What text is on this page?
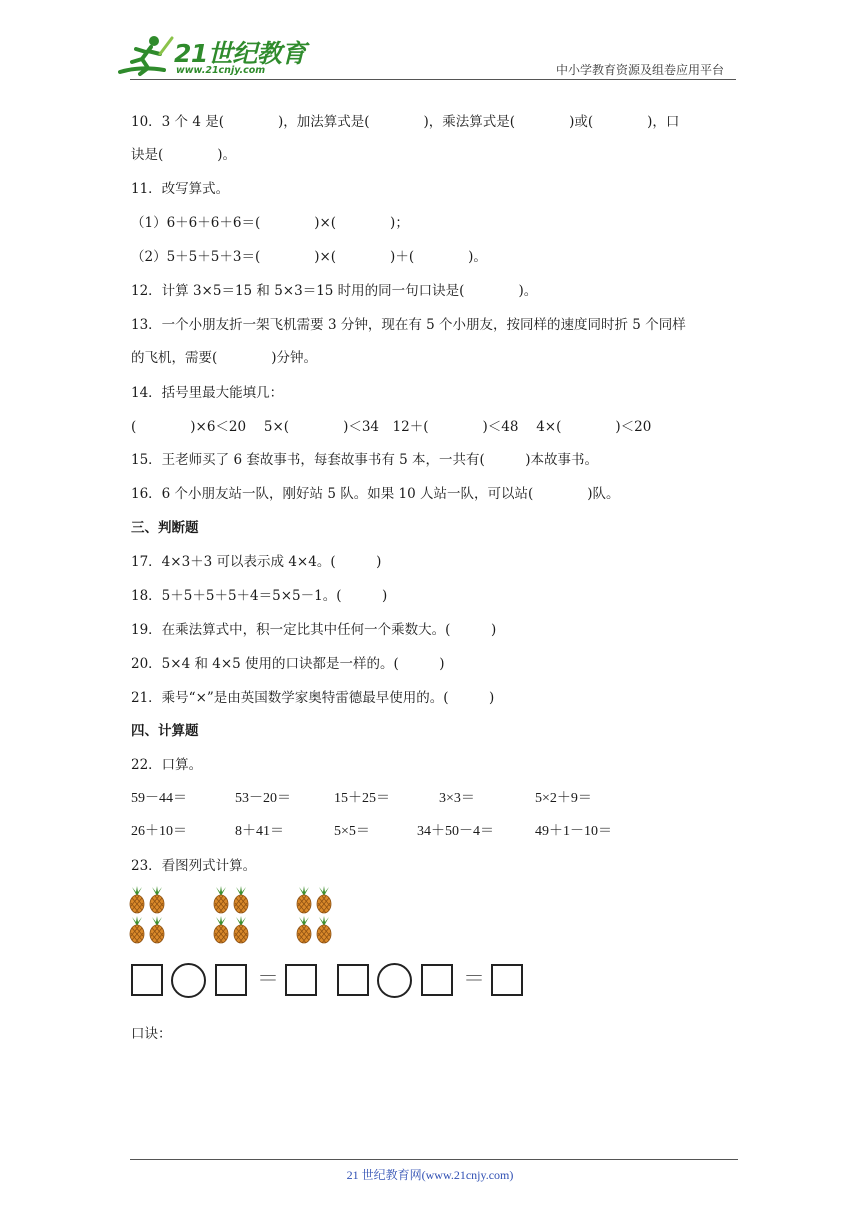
21世纪教育
www.21cnjy.com	中小学教育资源及组卷应用平台
10．3 个 4 是(　　　　)，加法算式是(　　　　)，乘法算式是(　　　　)或(　　　　)，口
诀是(　　　　)。
11．改写算式。
（1）6＋6＋6＋6＝(　　　　)×(　　　　)；
（2）5＋5＋5＋3＝(　　　　)×(　　　　)＋(　　　　)。
12．计算 3×5＝15 和 5×3＝15 时用的同一句口诀是(　　　　)。
13．一个小朋友折一架飞机需要 3 分钟，现在有 5 个小朋友，按同样的速度同时折 5 个同样
的飞机，需要(　　　　)分钟。
14．括号里最大能填几：
(　　　　)×6＜20　 5×(　　　　)＜34　12＋(　　　　)＜48　 4×(　　　　)＜20
15．王老师买了 6 套故事书，每套故事书有 5 本，一共有(　　　)本故事书。
16．6 个小朋友站一队，刚好站 5 队。如果 10 人站一队，可以站(　　　　)队。
三、判断题
17．4×3＋3 可以表示成 4×4。(　　　)
18．5＋5＋5＋5＋4＝5×5－1。(　　　)
19．在乘法算式中，积一定比其中任何一个乘数大。(　　　)
20．5×4 和 4×5 使用的口诀都是一样的。(　　　)
21．乘号“×”是由英国数学家奥特雷德最早使用的。(　　　)
四、计算题
22．口算。
59－44＝	53－20＝	15＋25＝	3×3＝	5×2＋9＝
26＋10＝	8＋41＝	5×5＝	34＋50－4＝	49＋1－10＝
23．看图列式计算。
＝	＝
口诀：
21 世纪教育网(www.21cnjy.com)
